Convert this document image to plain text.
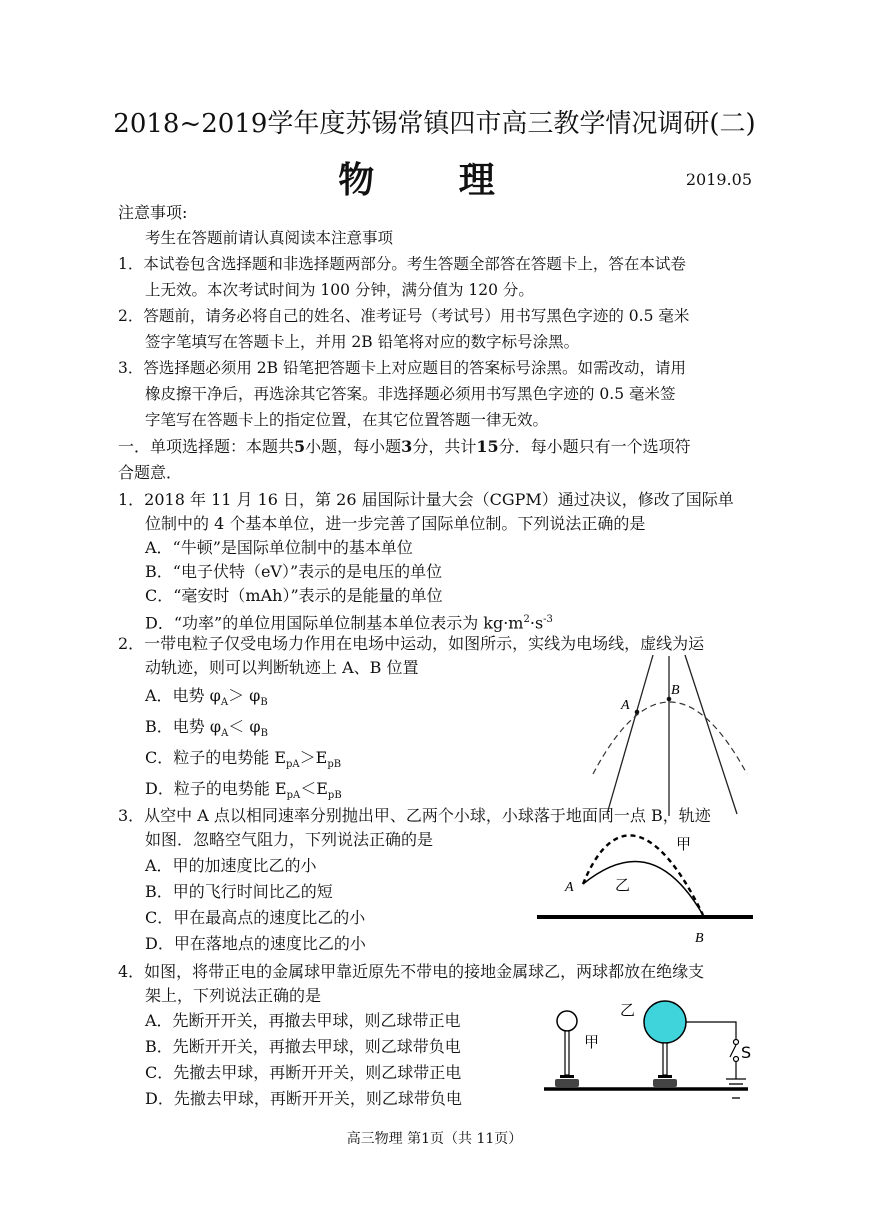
2018~2019学年度苏锡常镇四市高三教学情况调研(二)
物 理	2019.05
注意事项:
考生在答题前请认真阅读本注意事项
1．本试卷包含选择题和非选择题两部分。考生答题全部答在答题卡上，答在本试卷
上无效。本次考试时间为 100 分钟，满分值为 120 分。
2．答题前，请务必将自己的姓名、准考证号（考试号）用书写黑色字迹的 0.5 毫米
签字笔填写在答题卡上，并用 2B 铅笔将对应的数字标号涂黑。
3．答选择题必须用 2B 铅笔把答题卡上对应题目的答案标号涂黑。如需改动，请用
橡皮擦干净后，再选涂其它答案。非选择题必须用书写黑色字迹的 0.5 毫米签
字笔写在答题卡上的指定位置，在其它位置答题一律无效。
一．单项选择题：本题共5小题，每小题3分，共计15分．每小题只有一个选项符
合题意．
1．2018 年 11 月 16 日，第 26 届国际计量大会（CGPM）通过决议，修改了国际单
位制中的 4 个基本单位，进一步完善了国际单位制。下列说法正确的是
A．“牛顿”是国际单位制中的基本单位
B．“电子伏特（eV）”表示的是电压的单位
C．“毫安时（mAh）”表示的是能量的单位
D．“功率”的单位用国际单位制基本单位表示为 $kg\cdot m^2\cdot s^{-3}$
2．一带电粒子仅受电场力作用在电场中运动，如图所示，实线为电场线，虚线为运
动轨迹，则可以判断轨迹上 A、B 位置
A．电势 $\varphi_A> \varphi_B$
B．电势 $\varphi_A< \varphi_B$
C．粒子的电势能 $E_{pA}>E_{pB}$
D．粒子的电势能 $E_{pA}<E_{pB}$
A
B
3．从空中 A 点以相同速率分别抛出甲、乙两个小球，小球落于地面同一点 B，轨迹
如图．忽略空气阻力，下列说法正确的是
A．甲的加速度比乙的小
B．甲的飞行时间比乙的短
C．甲在最高点的速度比乙的小
D．甲在落地点的速度比乙的小
甲
乙
A
B
4．如图，将带正电的金属球甲靠近原先不带电的接地金属球乙，两球都放在绝缘支
架上，下列说法正确的是
A．先断开开关，再撤去甲球，则乙球带正电
B．先断开开关，再撤去甲球，则乙球带负电
C．先撤去甲球，再断开开关，则乙球带正电
D．先撤去甲球，再断开开关，则乙球带负电
甲
乙
S
高三物理 第1页（共 11页）
